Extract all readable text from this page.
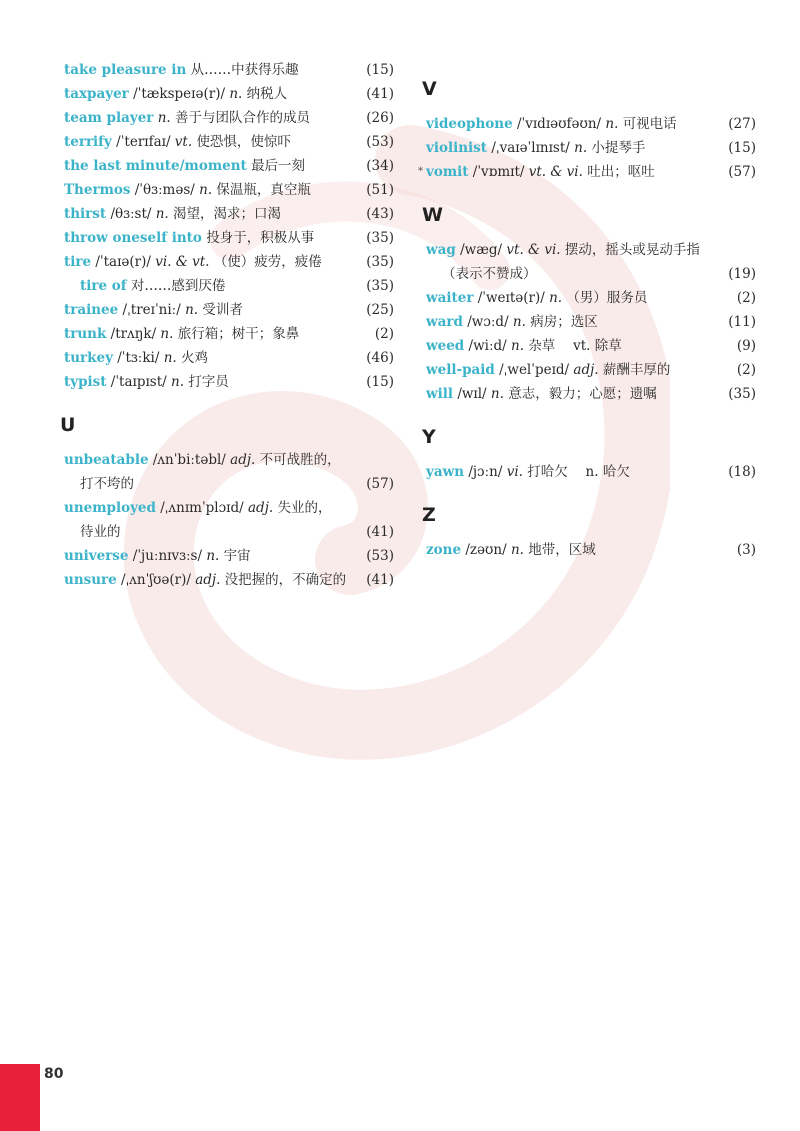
take pleasure in 从……中获得乐趣	(15)
taxpayer /ˈtækspeɪə(r)/ n. 纳税人	(41)
team player n. 善于与团队合作的成员	(26)
terrify /ˈterɪfaɪ/ vt. 使恐惧，使惊吓	(53)
the last minute/moment 最后一刻	(34)
Thermos /ˈθɜːməs/ n. 保温瓶，真空瓶	(51)
thirst /θɜːst/ n. 渴望，渴求；口渴	(43)
throw oneself into 投身于，积极从事	(35)
tire /ˈtaɪə(r)/ vi. & vt. （使）疲劳，疲倦	(35)
tire of 对……感到厌倦	(35)
trainee /ˌtreɪˈniː/ n. 受训者	(25)
trunk /trʌŋk/ n. 旅行箱；树干；象鼻	(2)
turkey /ˈtɜːki/ n. 火鸡	(46)
typist /ˈtaɪpɪst/ n. 打字员	(15)
U
unbeatable /ʌnˈbiːtəbl/ adj. 不可战胜的，
打不垮的	(57)
unemployed /ˌʌnɪmˈplɔɪd/ adj. 失业的，
待业的	(41)
universe /ˈjuːnɪvɜːs/ n. 宇宙	(53)
unsure /ˌʌnˈʃʊə(r)/ adj. 没把握的，不确定的 (41)
V
videophone /ˈvɪdɪəʊfəʊn/ n. 可视电话	(27)
violinist /ˌvaɪəˈlɪnɪst/ n. 小提琴手	(15)
* vomit /ˈvɒmɪt/ vt. & vi. 吐出；呕吐	(57)
W
wag /wæg/ vt. & vi. 摆动，摇头或晃动手指
（表示不赞成）	(19)
waiter /ˈweɪtə(r)/ n. （男）服务员	(2)
ward /wɔːd/ n. 病房；选区	(11)
weed /wiːd/ n. 杂草　 vt. 除草	(9)
well-paid /ˌwelˈpeɪd/ adj. 薪酬丰厚的	(2)
will /wɪl/ n. 意志，毅力；心愿；遗嘱	(35)
Y
yawn /jɔːn/ vi. 打哈欠　 n. 哈欠	(18)
Z
zone /zəʊn/ n. 地带，区域	(3)
80
